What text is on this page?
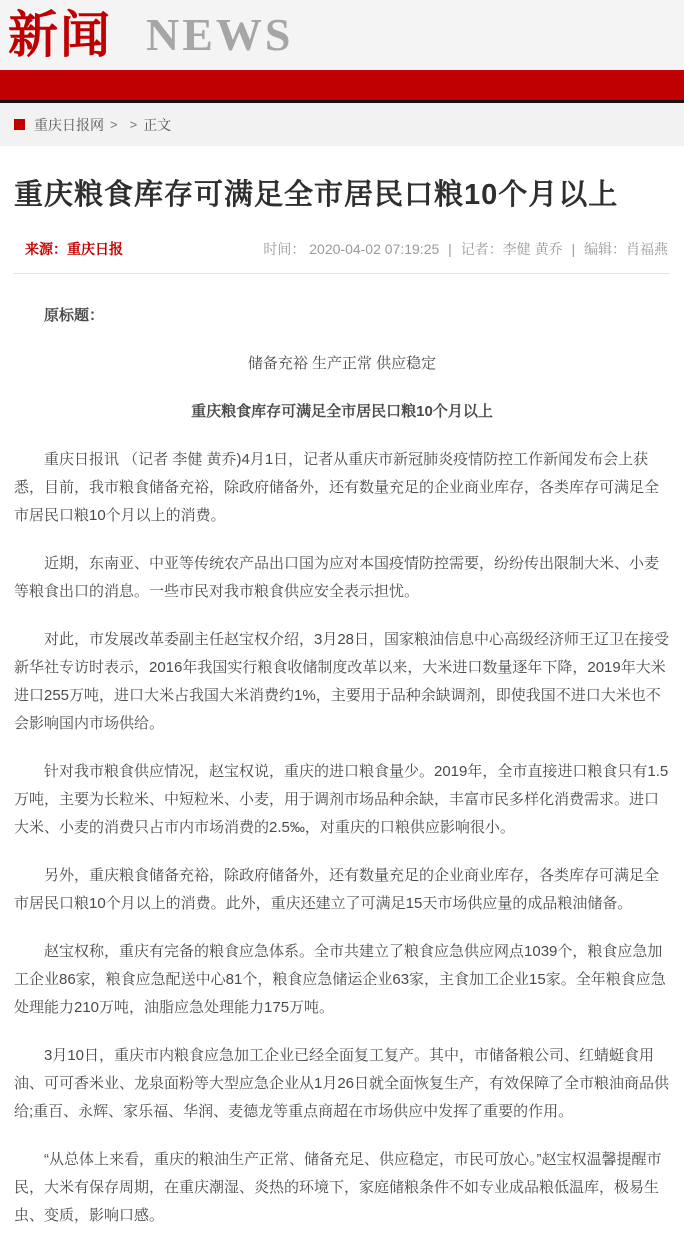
新闻 NEWS
重庆日报网 > > 正文
重庆粮食库存可满足全市居民口粮10个月以上
来源：重庆日报	时间： 2020-04-02 07:19:25 | 记者：李健 黄乔 | 编辑：肖福燕

原标题：

储备充裕 生产正常 供应稳定

重庆粮食库存可满足全市居民口粮10个月以上

重庆日报讯 （记者 李健 黄乔)4月1日，记者从重庆市新冠肺炎疫情防控工作新闻发布会上获悉，目前，我市粮食储备充裕，除政府储备外，还有数量充足的企业商业库存，各类库存可满足全市居民口粮10个月以上的消费。

近期，东南亚、中亚等传统农产品出口国为应对本国疫情防控需要，纷纷传出限制大米、小麦等粮食出口的消息。一些市民对我市粮食供应安全表示担忧。

对此，市发展改革委副主任赵宝权介绍，3月28日，国家粮油信息中心高级经济师王辽卫在接受新华社专访时表示，2016年我国实行粮食收储制度改革以来，大米进口数量逐年下降，2019年大米进口255万吨，进口大米占我国大米消费约1%，主要用于品种余缺调剂，即使我国不进口大米也不会影响国内市场供给。

针对我市粮食供应情况，赵宝权说，重庆的进口粮食量少。2019年，全市直接进口粮食只有1.5万吨，主要为长粒米、中短粒米、小麦，用于调剂市场品种余缺，丰富市民多样化消费需求。进口大米、小麦的消费只占市内市场消费的2.5‰，对重庆的口粮供应影响很小。

另外，重庆粮食储备充裕，除政府储备外，还有数量充足的企业商业库存，各类库存可满足全市居民口粮10个月以上的消费。此外，重庆还建立了可满足15天市场供应量的成品粮油储备。

赵宝权称，重庆有完备的粮食应急体系。全市共建立了粮食应急供应网点1039个，粮食应急加工企业86家，粮食应急配送中心81个，粮食应急储运企业63家，主食加工企业15家。全年粮食应急处理能力210万吨，油脂应急处理能力175万吨。

3月10日，重庆市内粮食应急加工企业已经全面复工复产。其中，市储备粮公司、红蜻蜓食用油、可可香米业、龙泉面粉等大型应急企业从1月26日就全面恢复生产，有效保障了全市粮油商品供给;重百、永辉、家乐福、华润、麦德龙等重点商超在市场供应中发挥了重要的作用。

“从总体上来看，重庆的粮油生产正常、储备充足、供应稳定，市民可放心。”赵宝权温馨提醒市民，大米有保存周期，在重庆潮湿、炎热的环境下，家庭储粮条件不如专业成品粮低温库，极易生虫、变质，影响口感。
